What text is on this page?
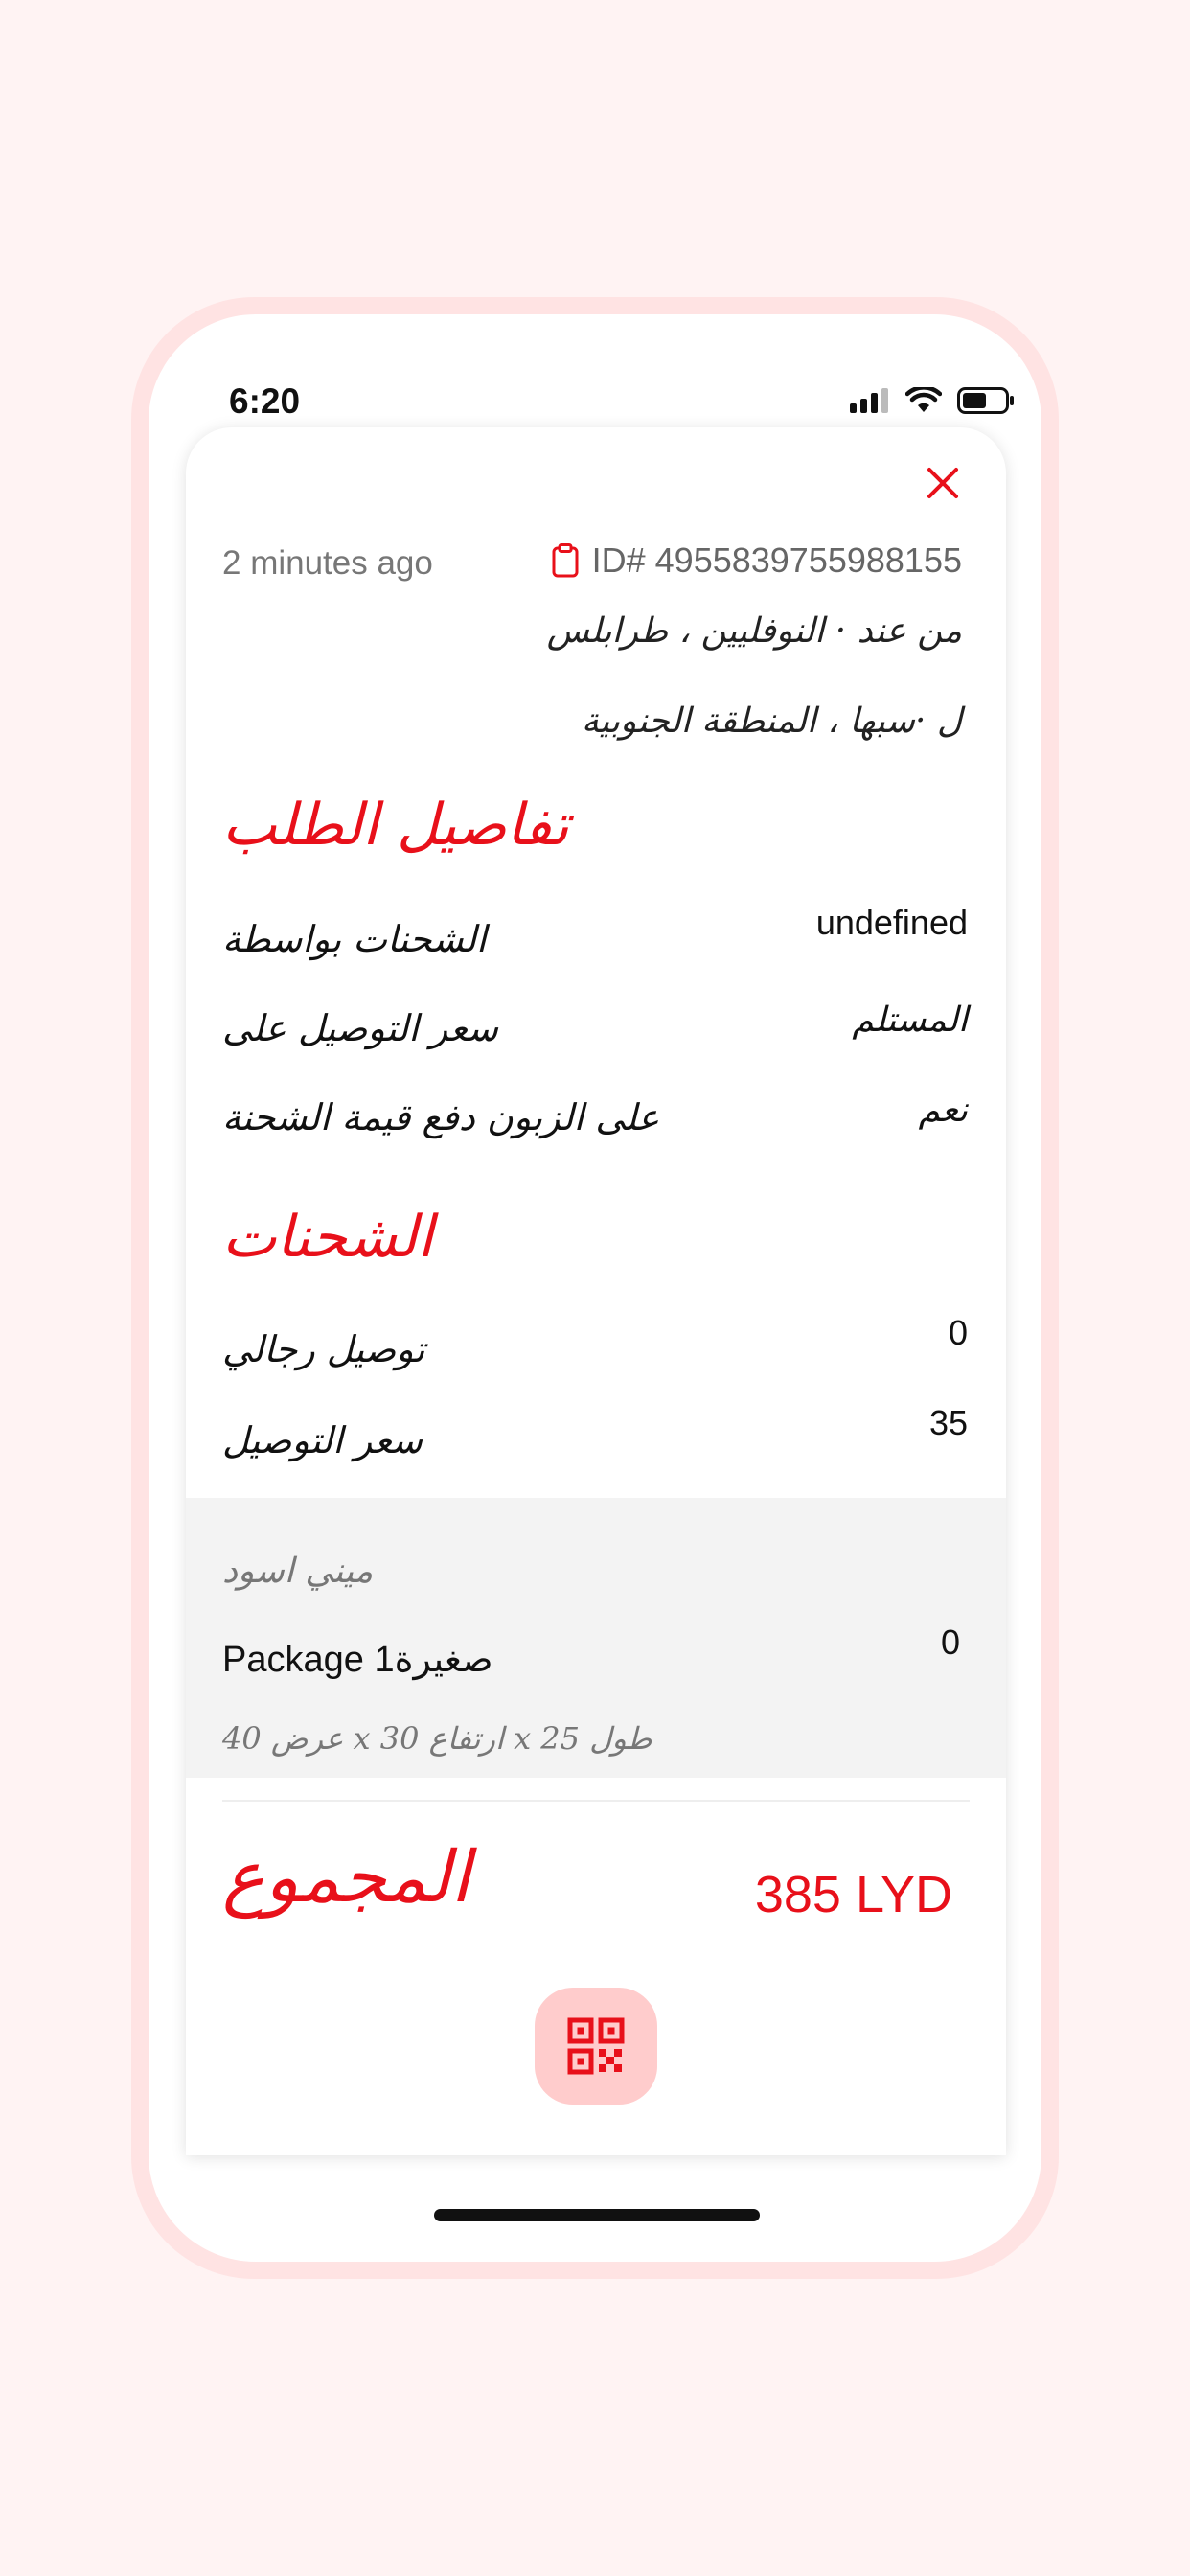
6:20
2 minutes ago	ID# 4955839755988155
من عند · النوفليين ، طرابلس
ل ·سبها ، المنطقة الجنوبية
تفاصيل الطلب
الشحنات بواسطة	undefined
سعر التوصيل على	المستلم
على الزبون دفع قيمة الشحنة	نعم
الشحنات
توصيل رجالي	0
سعر التوصيل	35
ميني اسود
Package 1صغيرة	0
عرض 40 x ارتفاع 30 x طول 25
المجموع	385 LYD
